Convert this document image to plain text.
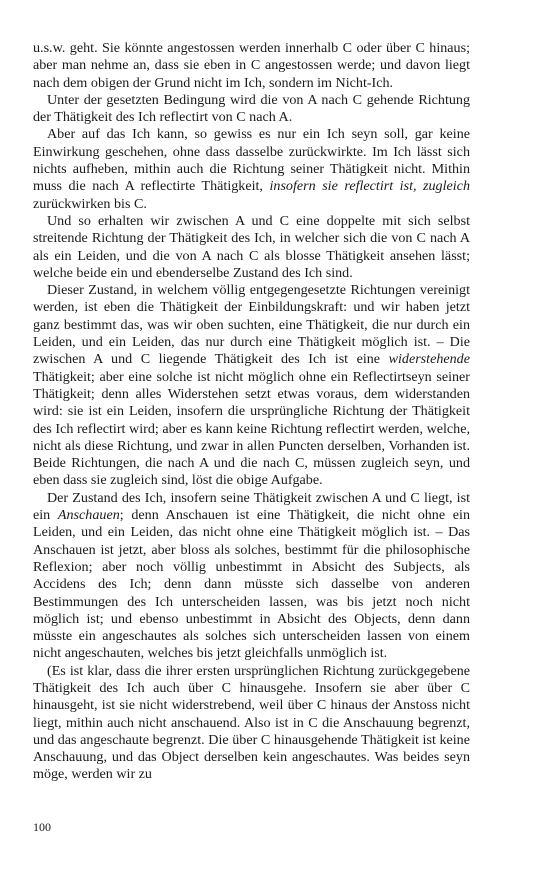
u.s.w. geht. Sie könnte angestossen werden innerhalb C oder über C hinaus; aber man nehme an, dass sie eben in C angestossen werde; und davon liegt nach dem obigen der Grund nicht im Ich, sondern im Nicht-Ich.

Unter der gesetzten Bedingung wird die von A nach C gehende Richtung der Thätigkeit des Ich reflectirt von C nach A.

Aber auf das Ich kann, so gewiss es nur ein Ich seyn soll, gar keine Einwirkung geschehen, ohne dass dasselbe zurückwirkte. Im Ich lässt sich nichts aufheben, mithin auch die Richtung seiner Thätigkeit nicht. Mithin muss die nach A reflectirte Thätigkeit, insofern sie reflectirt ist, zugleich zurückwirken bis C.

Und so erhalten wir zwischen A und C eine doppelte mit sich selbst streitende Richtung der Thätigkeit des Ich, in welcher sich die von C nach A als ein Leiden, und die von A nach C als blosse Thätigkeit ansehen lässt; welche beide ein und ebenderselbe Zustand des Ich sind.

Dieser Zustand, in welchem völlig entgegengesetzte Richtungen vereinigt werden, ist eben die Thätigkeit der Einbildungskraft: und wir haben jetzt ganz bestimmt das, was wir oben suchten, eine Thätigkeit, die nur durch ein Leiden, und ein Leiden, das nur durch eine Thätigkeit möglich ist. – Die zwischen A und C liegende Thätigkeit des Ich ist eine widerstehende Thätigkeit; aber eine solche ist nicht möglich ohne ein Reflectirtseyn seiner Thätigkeit; denn alles Widerstehen setzt etwas voraus, dem widerstanden wird: sie ist ein Leiden, insofern die ursprüngliche Richtung der Thätigkeit des Ich reflectirt wird; aber es kann keine Richtung reflectirt werden, welche, nicht als diese Richtung, und zwar in allen Puncten derselben, Vorhanden ist. Beide Richtungen, die nach A und die nach C, müssen zugleich seyn, und eben dass sie zugleich sind, löst die obige Aufgabe.

Der Zustand des Ich, insofern seine Thätigkeit zwischen A und C liegt, ist ein Anschauen; denn Anschauen ist eine Thätigkeit, die nicht ohne ein Leiden, und ein Leiden, das nicht ohne eine Thätigkeit möglich ist. – Das Anschauen ist jetzt, aber bloss als solches, bestimmt für die philosophische Reflexion; aber noch völlig unbestimmt in Absicht des Subjects, als Accidens des Ich; denn dann müsste sich dasselbe von anderen Bestimmungen des Ich unterscheiden lassen, was bis jetzt noch nicht möglich ist; und ebenso unbestimmt in Absicht des Objects, denn dann müsste ein angeschautes als solches sich unterscheiden lassen von einem nicht angeschauten, welches bis jetzt gleichfalls unmöglich ist.

(Es ist klar, dass die ihrer ersten ursprünglichen Richtung zurückgegebene Thätigkeit des Ich auch über C hinausgehe. Insofern sie aber über C hinausgeht, ist sie nicht widerstrebend, weil über C hinaus der Anstoss nicht liegt, mithin auch nicht anschauend. Also ist in C die Anschauung begrenzt, und das angeschaute begrenzt. Die über C hinausgehende Thätigkeit ist keine Anschauung, und das Object derselben kein angeschautes. Was beides seyn möge, werden wir zu

100
